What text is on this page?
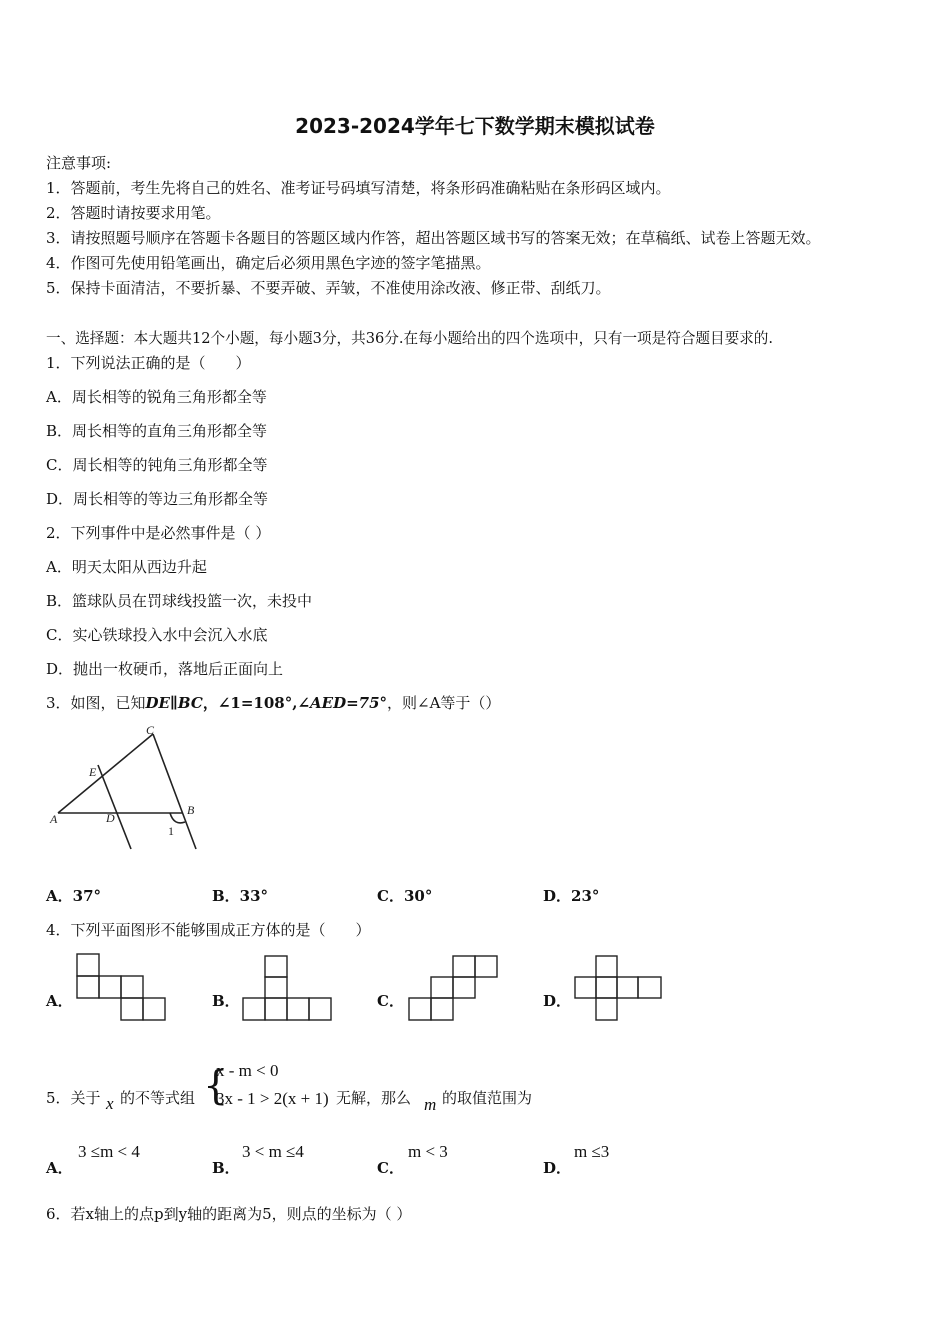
2023-2024学年七下数学期末模拟试卷
注意事项:
1．答题前，考生先将自己的姓名、准考证号码填写清楚，将条形码准确粘贴在条形码区域内。
2．答题时请按要求用笔。
3．请按照题号顺序在答题卡各题目的答题区域内作答，超出答题区域书写的答案无效；在草稿纸、试卷上答题无效。
4．作图可先使用铅笔画出，确定后必须用黑色字迹的签字笔描黑。
5．保持卡面清洁，不要折暴、不要弄破、弄皱，不准使用涂改液、修正带、刮纸刀。
一、选择题：本大题共12个小题，每小题3分，共36分.在每小题给出的四个选项中，只有一项是符合题目要求的.
1．下列说法正确的是（　　）
A．周长相等的锐角三角形都全等
B．周长相等的直角三角形都全等
C．周长相等的钝角三角形都全等
D．周长相等的等边三角形都全等
2．下列事件中是必然事件是（ ）
A．明天太阳从西边升起
B．篮球队员在罚球线投篮一次，未投中
C．实心铁球投入水中会沉入水底
D．抛出一枚硬币，落地后正面向上
3．如图，已知DE∥BC，∠1=108°,∠AED=75°，则∠A等于（）
C
E
A	D
B
1
A．37°	B．33°	C．30°	D．23°
4．下列平面图形不能够围成正方体的是（　　）
A．	B．	C．	D．
5．关于 x 的不等式组 {
x - m < 0
3x - 1 > 2(x + 1) 无解，那么 m 的取值范围为
A．
3 ≤m < 4
B．
3 < m ≤4
C．
m < 3
D．
m ≤3
6．若x轴上的点p到y轴的距离为5，则点的坐标为（ ）
